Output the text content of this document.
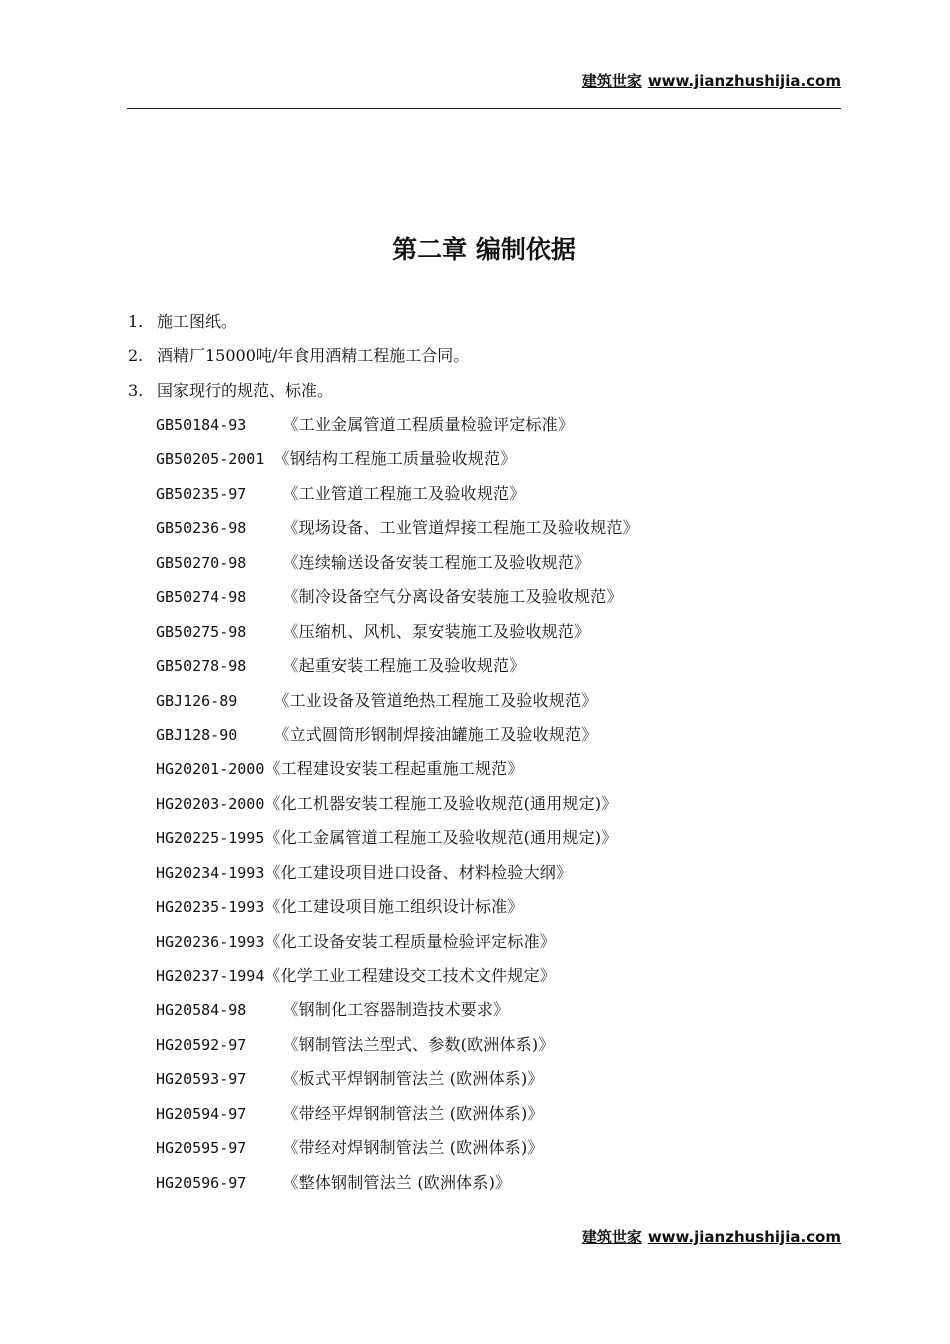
建筑世家 www.jianzhushijia.com
第二章 编制依据
1. 施工图纸。
2. 酒精厂15000吨/年食用酒精工程施工合同。
3. 国家现行的规范、标准。
GB50184-93    《工业金属管道工程质量检验评定标准》
GB50205-2001 《钢结构工程施工质量验收规范》
GB50235-97    《工业管道工程施工及验收规范》
GB50236-98    《现场设备、工业管道焊接工程施工及验收规范》
GB50270-98    《连续输送设备安装工程施工及验收规范》
GB50274-98    《制冷设备空气分离设备安装施工及验收规范》
GB50275-98    《压缩机、风机、泵安装施工及验收规范》
GB50278-98    《起重安装工程施工及验收规范》
GBJ126-89    《工业设备及管道绝热工程施工及验收规范》
GBJ128-90    《立式圆筒形钢制焊接油罐施工及验收规范》
HG20201-2000《工程建设安装工程起重施工规范》
HG20203-2000《化工机器安装工程施工及验收规范(通用规定)》
HG20225-1995《化工金属管道工程施工及验收规范(通用规定)》
HG20234-1993《化工建设项目进口设备、材料检验大纲》
HG20235-1993《化工建设项目施工组织设计标准》
HG20236-1993《化工设备安装工程质量检验评定标准》
HG20237-1994《化学工业工程建设交工技术文件规定》
HG20584-98    《钢制化工容器制造技术要求》
HG20592-97    《钢制管法兰型式、参数(欧洲体系)》
HG20593-97    《板式平焊钢制管法兰 (欧洲体系)》
HG20594-97    《带经平焊钢制管法兰 (欧洲体系)》
HG20595-97    《带经对焊钢制管法兰 (欧洲体系)》
HG20596-97    《整体钢制管法兰 (欧洲体系)》
建筑世家 www.jianzhushijia.com
